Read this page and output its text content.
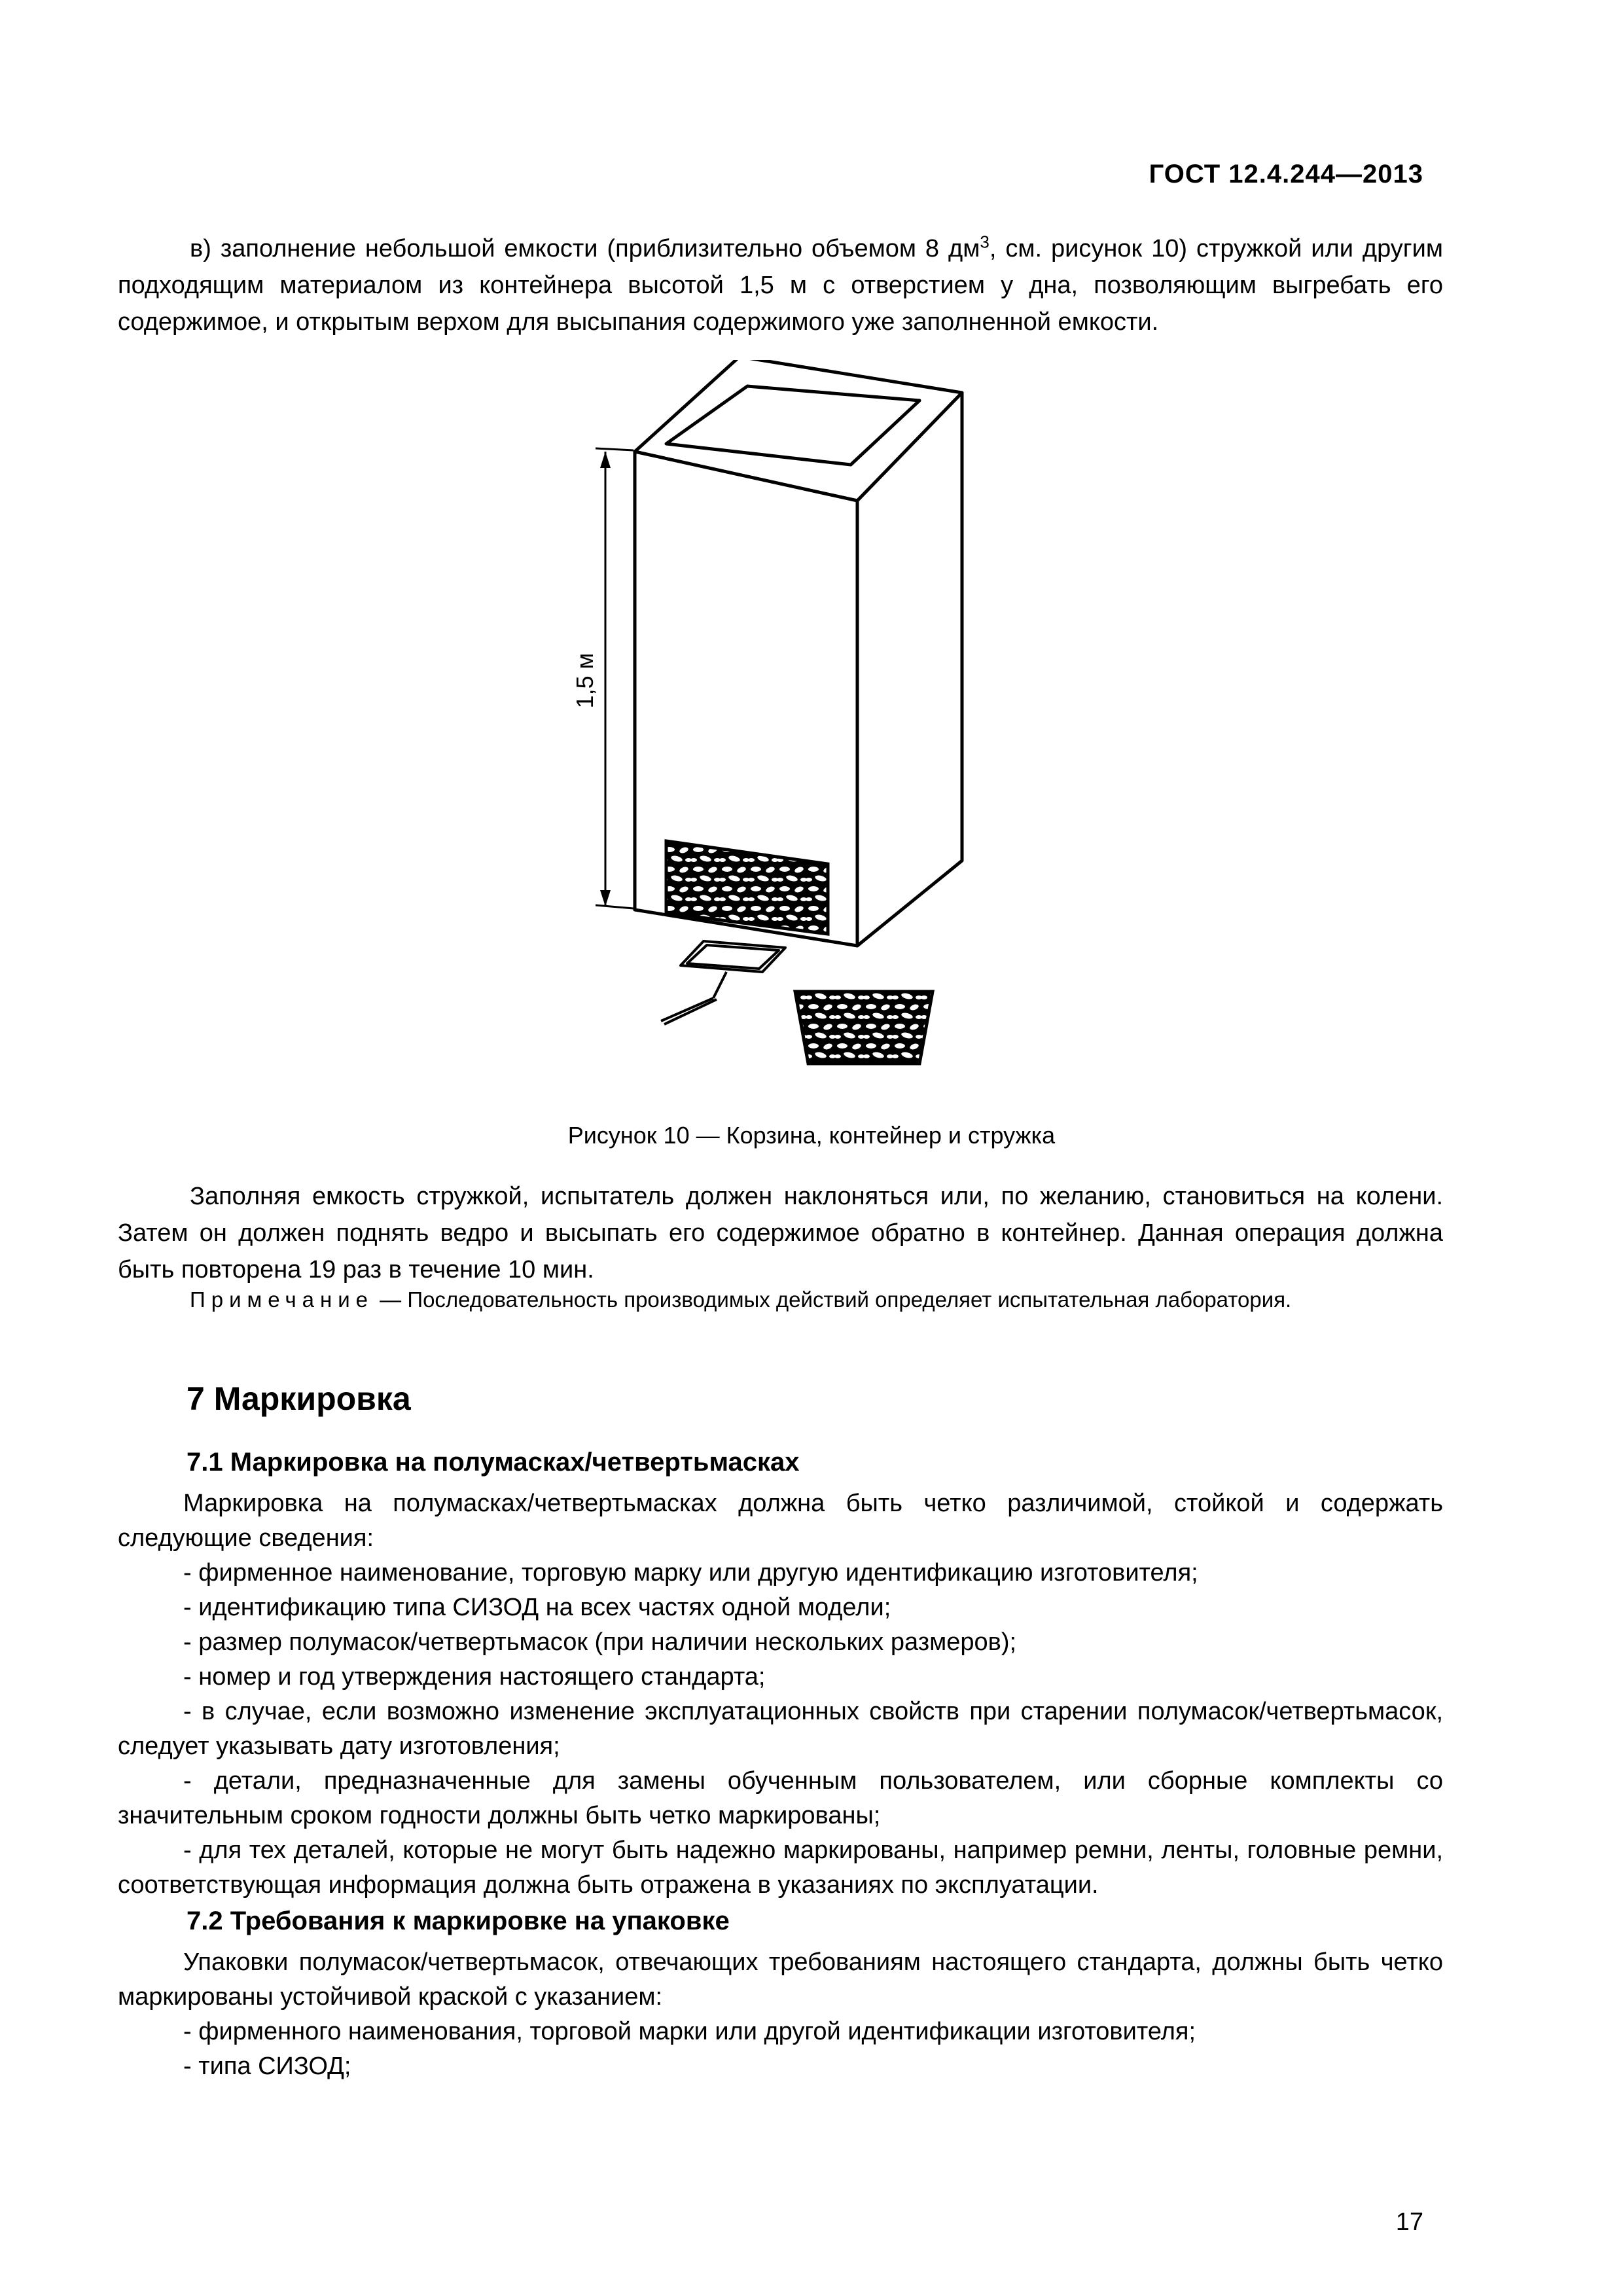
ГОСТ 12.4.244—2013
в) заполнение небольшой емкости (приблизительно объемом 8 $дм^3$, см. рисунок 10) стружкой или другим подходящим материалом из контейнера высотой 1,5 м с отверстием у дна, позволяющим выгребать его содержимое, и открытым верхом для высыпания содержимого уже заполненной емкости.
1,5 м
Рисунок 10 — Корзина, контейнер и стружка
Заполняя емкость стружкой, испытатель должен наклоняться или, по желанию, становиться на колени. Затем он должен поднять ведро и высыпать его содержимое обратно в контейнер. Данная операция должна быть повторена 19 раз в течение 10 мин.
Примечание — Последовательность производимых действий определяет испытательная лаборатория.
7 Маркировка
7.1 Маркировка на полумасках/четвертьмасках
Маркировка на полумасках/четвертьмасках должна быть четко различимой, стойкой и содержать следующие сведения:
- фирменное наименование, торговую марку или другую идентификацию изготовителя;
- идентификацию типа СИЗОД на всех частях одной модели;
- размер полумасок/четвертьмасок (при наличии нескольких размеров);
- номер и год утверждения настоящего стандарта;
- в случае, если возможно изменение эксплуатационных свойств при старении полумасок/четвертьмасок, следует указывать дату изготовления;
- детали, предназначенные для замены обученным пользователем, или сборные комплекты со значительным сроком годности должны быть четко маркированы;
- для тех деталей, которые не могут быть надежно маркированы, например ремни, ленты, головные ремни, соответствующая информация должна быть отражена в указаниях по эксплуатации.
7.2 Требования к маркировке на упаковке
Упаковки полумасок/четвертьмасок, отвечающих требованиям настоящего стандарта, должны быть четко маркированы устойчивой краской с указанием:
- фирменного наименования, торговой марки или другой идентификации изготовителя;
- типа СИЗОД;
17
